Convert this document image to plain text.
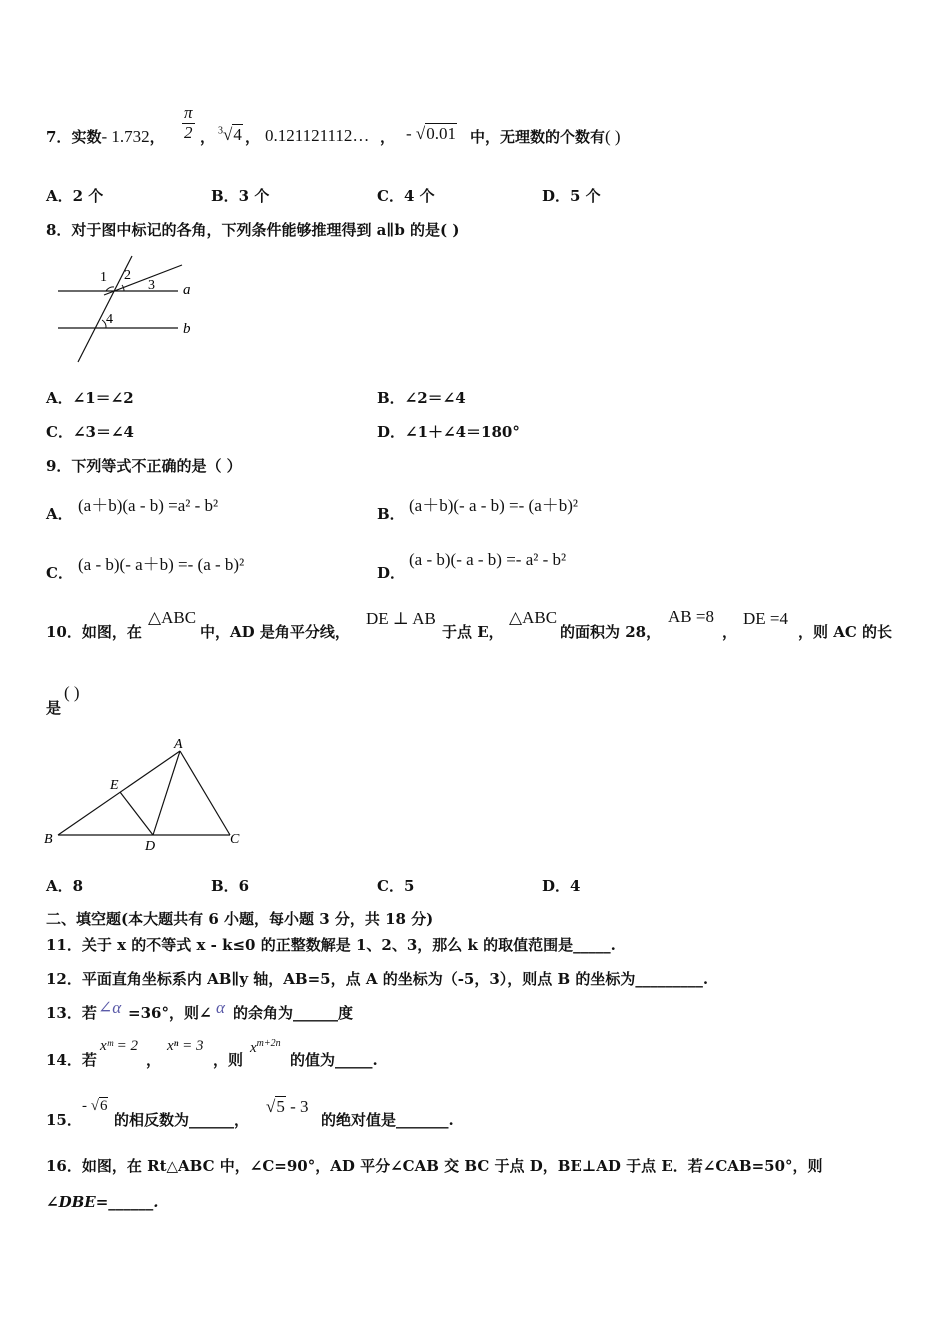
7．实数- 1.732， $\frac{\pi}{2}$ ， $^3$√4 ， 0.121121112… ， - √0.01 中，无理数的个数有( )
A．2 个	B．3 个	C．4 个	D．5 个
8．对于图中标记的各角，下列条件能够推理得到 a∥b 的是( )
1 2
3
4
a
b
A．∠1＝∠2	B．∠2＝∠4
C．∠3＝∠4	D．∠1＋∠4＝180°
9．下列等式不正确的是（ ）
A． (a＋b)(a - b) =a² - b²	B． (a＋b)(- a - b) =- (a＋b)²
C． (a - b)(- a＋b) =- (a - b)²	D．
(a - b)(- a - b) =- a² - b²
10．如图，在
△ABC
中，AD 是角平分线，
DE ⊥ AB
于点 E，
△ABC
的面积为 28，
AB =8
，
DE =4
，则 AC 的长
是
( )
A
E
B	D	C
A．8	B．6	C．5	D．4
二、填空题(本大题共有 6 小题，每小题 3 分，共 18 分)
11．关于 x 的不等式 x - k≤0 的正整数解是 1、2、3，那么 k 的取值范围是_____.
12．平面直角坐标系内 AB∥y 轴，AB=5，点 A 的坐标为（-5，3），则点 B 的坐标为_________.
13．若 ∠α =36°，则∠ α 的余角为______度
14．若
xᵐ = 2
，
xⁿ = 3
，则
$x^{m+2n}$
的值为_____.
15．
- √6
的相反数为______，
√5 - 3
的绝对值是_______.
16．如图，在 Rt△ABC 中，∠C=90°，AD 平分∠CAB 交 BC 于点 D，BE⊥AD 于点 E．若∠CAB=50°，则
∠DBE=______.
